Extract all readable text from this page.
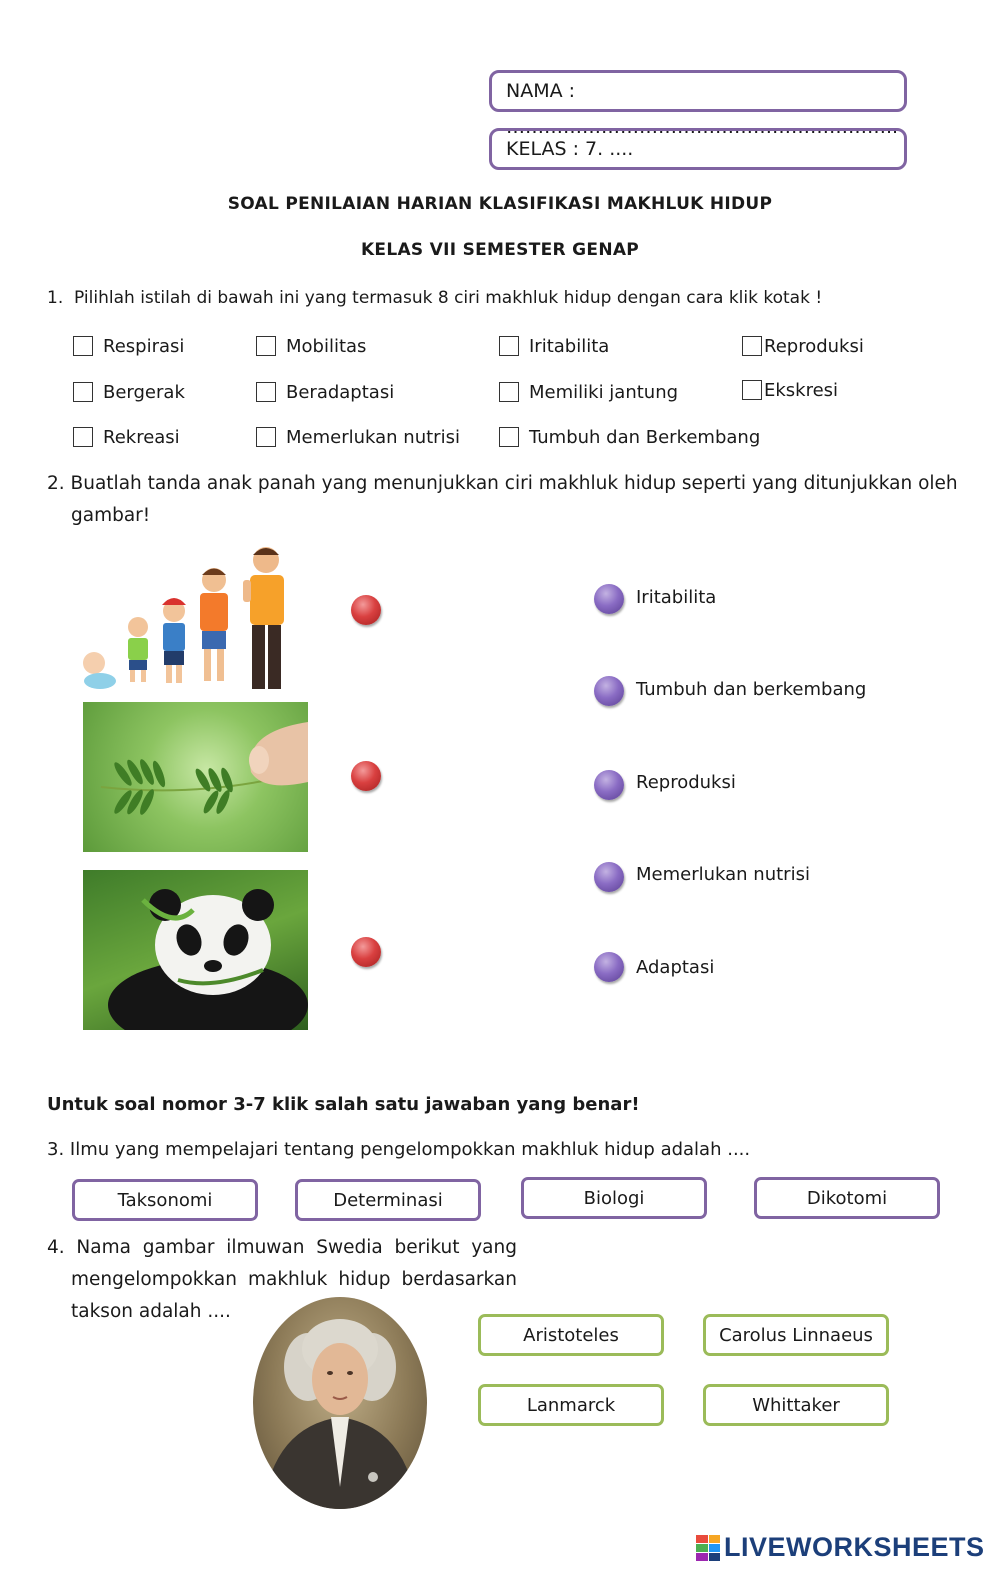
NAMA : ……………………………………………………..
KELAS : 7. ....
SOAL PENILAIAN HARIAN KLASIFIKASI MAKHLUK HIDUP
KELAS VII SEMESTER GENAP
1. Pilihlah istilah di bawah ini yang termasuk 8 ciri makhluk hidup dengan cara klik kotak !
Respirasi	Mobilitas	Iritabilita	Reproduksi
Bergerak	Beradaptasi	Memiliki jantung	Ekskresi
Rekreasi	Memerlukan nutrisi	Tumbuh dan Berkembang
2. Buatlah tanda anak panah yang menunjukkan ciri makhluk hidup seperti yang ditunjukkan oleh
gambar!
Iritabilita
Tumbuh dan berkembang
Reproduksi
Memerlukan nutrisi
Adaptasi
Untuk soal nomor 3-7 klik salah satu jawaban yang benar!
3. Ilmu yang mempelajari tentang pengelompokkan makhluk hidup adalah ....
Taksonomi	Determinasi	Biologi	Dikotomi
4. Nama gambar ilmuwan Swedia berikut yang
mengelompokkan makhluk hidup berdasarkan
takson adalah ....
Aristoteles	Carolus Linnaeus
Lanmarck	Whittaker
LIVEWORKSHEETS
